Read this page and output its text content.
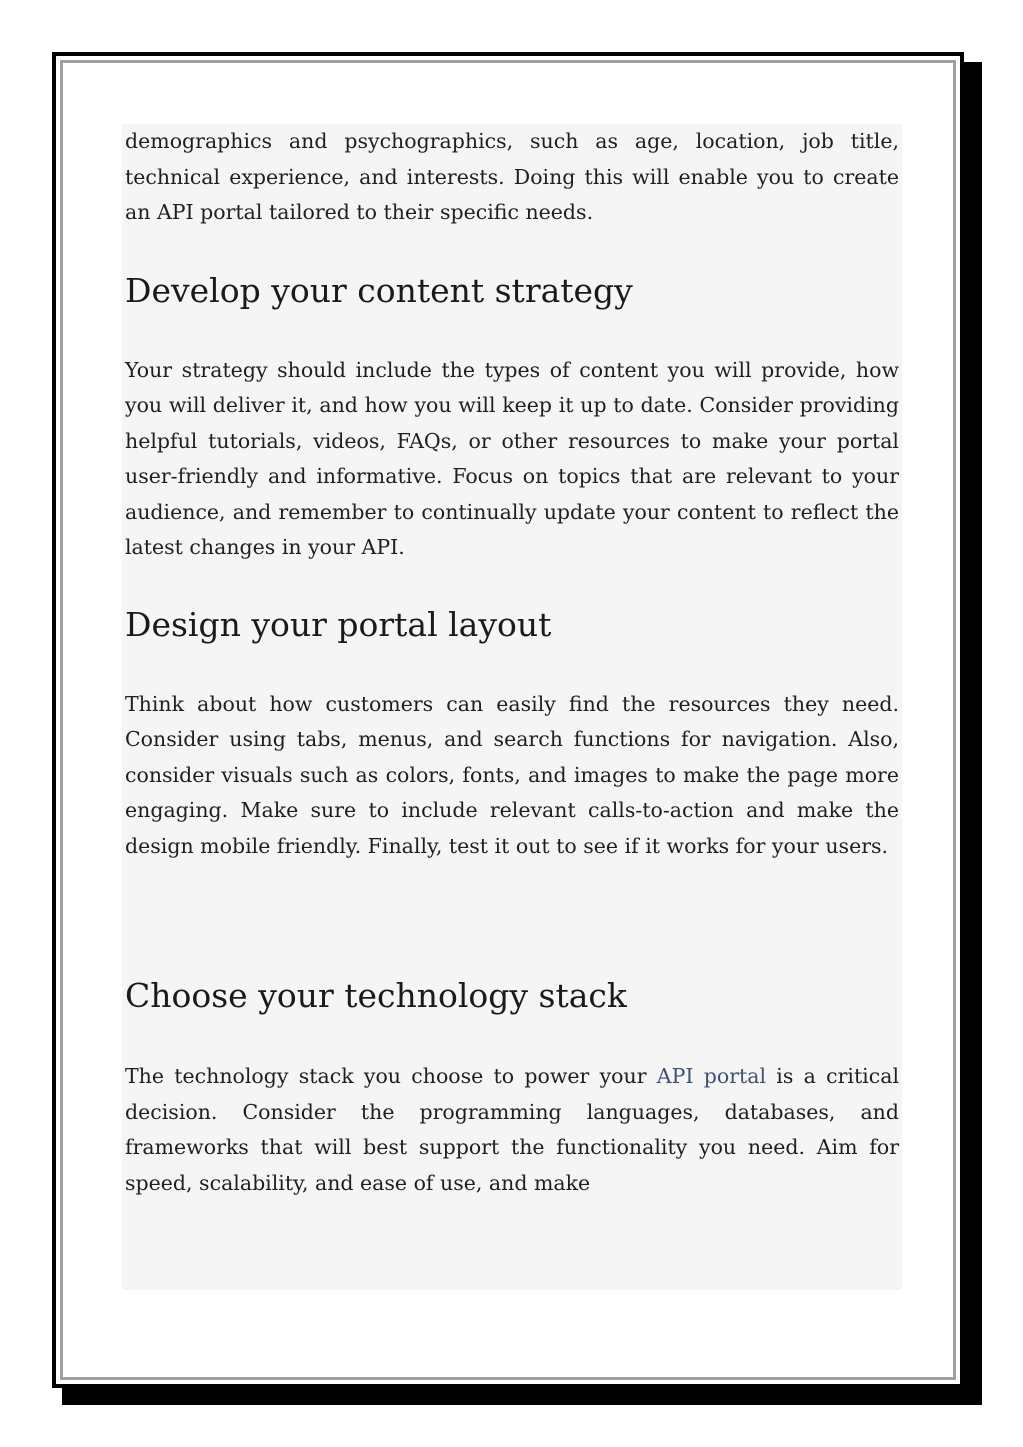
demographics and psychographics, such as age, location, job title, technical experience, and interests. Doing this will enable you to create an API portal tailored to their specific needs.

Develop your content strategy

Your strategy should include the types of content you will provide, how you will deliver it, and how you will keep it up to date. Consider providing helpful tutorials, videos, FAQs, or other resources to make your portal user-friendly and informative. Focus on topics that are relevant to your audience, and remember to continually update your content to reflect the latest changes in your API.

Design your portal layout

Think about how customers can easily find the resources they need. Consider using tabs, menus, and search functions for navigation. Also, consider visuals such as colors, fonts, and images to make the page more engaging. Make sure to include relevant calls-to-action and make the design mobile friendly. Finally, test it out to see if it works for your users.

Choose your technology stack

The technology stack you choose to power your API portal is a critical decision. Consider the programming languages, databases, and frameworks that will best support the functionality you need. Aim for speed, scalability, and ease of use, and make
